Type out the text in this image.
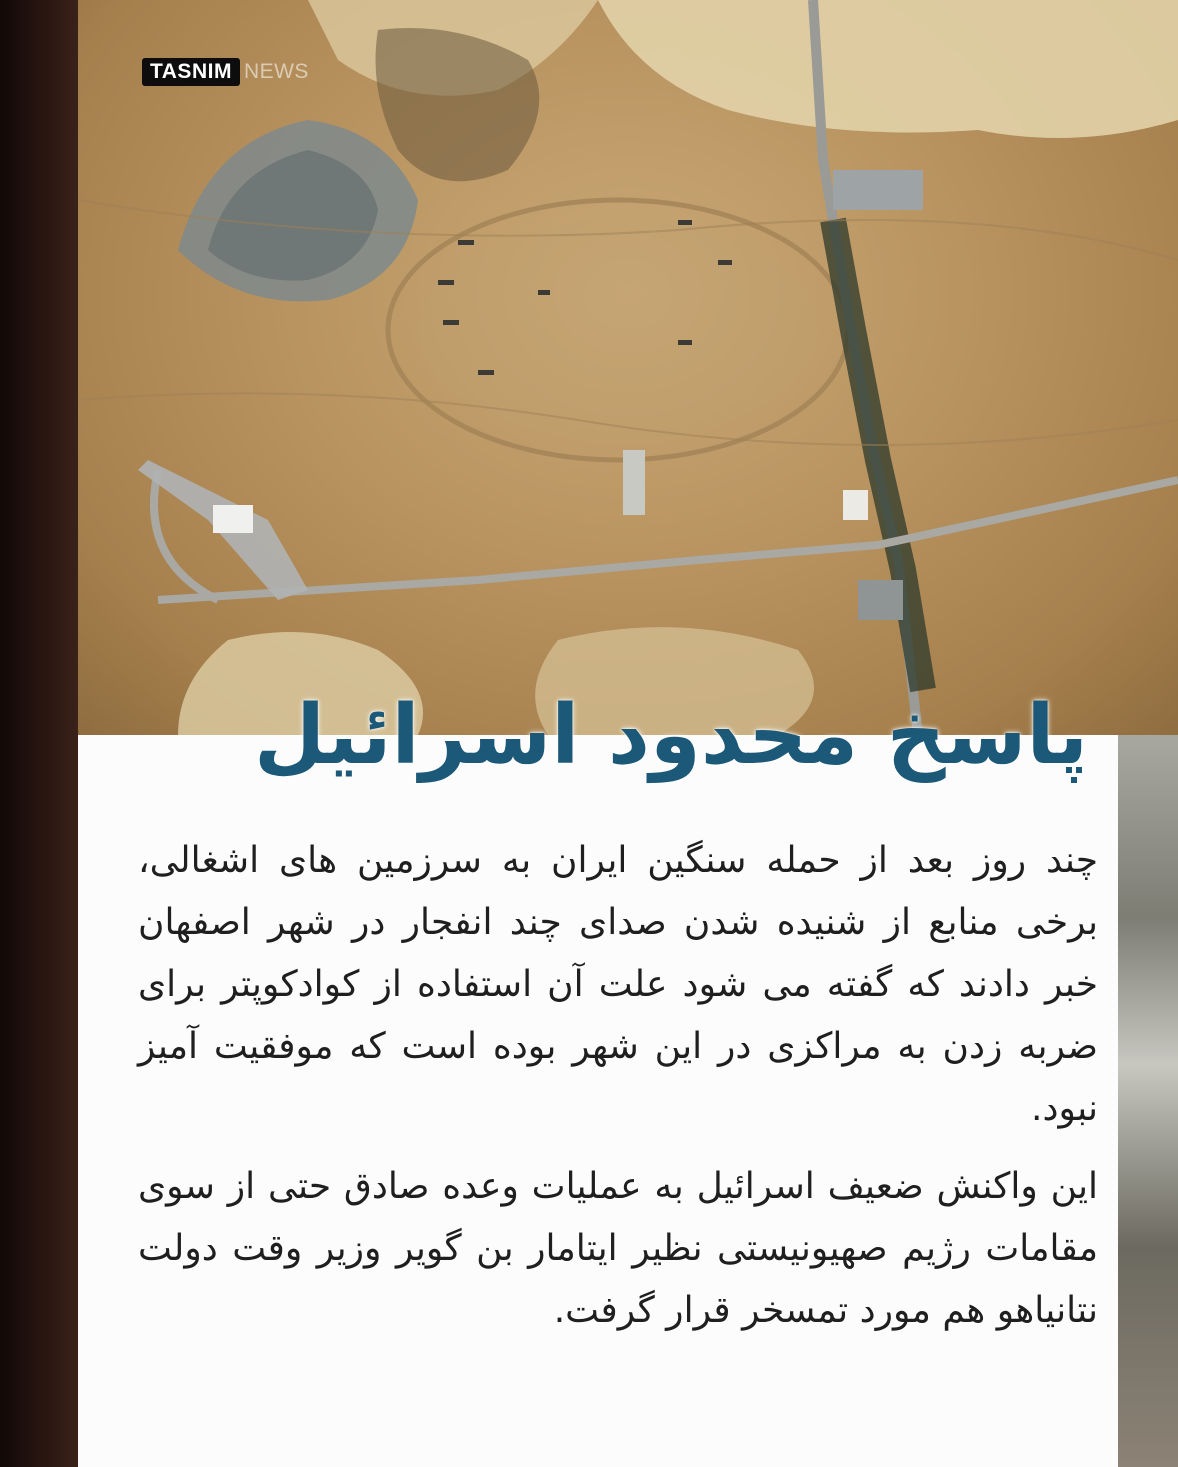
TASNIM NEWS
پاسخ محدود اسرائیل

چند روز بعد از حمله سنگین ایران به سرزمین های اشغالی، برخی منابع از شنیده شدن صدای چند انفجار در شهر اصفهان خبر دادند که گفته می شود علت آن استفاده از کوادکوپتر برای ضربه زدن به مراکزی در این شهر بوده است که موفقیت آمیز نبود.

این واکنش ضعیف اسرائیل به عملیات وعده صادق حتی از سوی مقامات رژیم صهیونیستی نظیر ایتامار بن گویر وزیر وقت دولت نتانیاهو هم مورد تمسخر قرار گرفت.
